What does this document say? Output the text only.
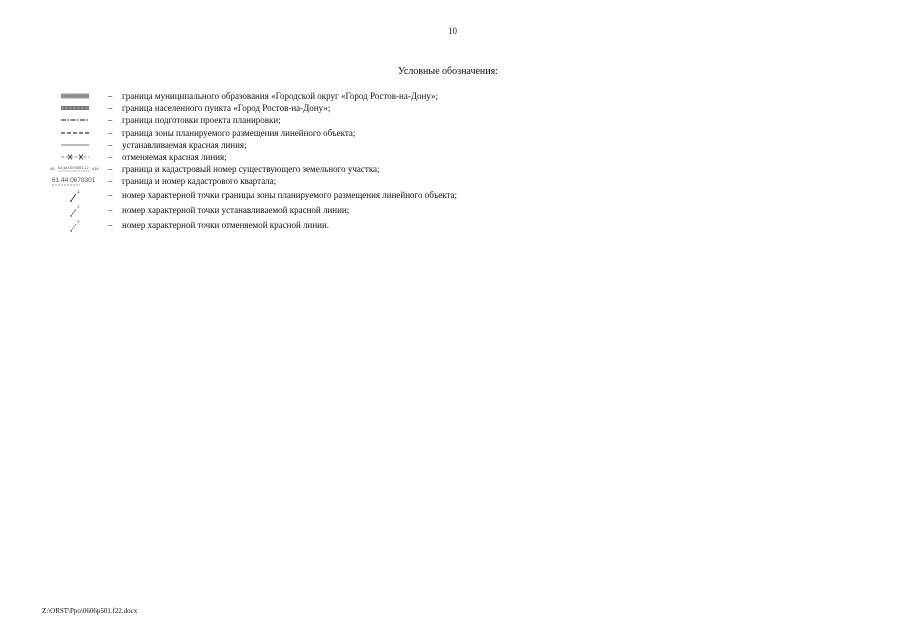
10
Условные обозначения:
–	граница муниципального образования «Городской округ «Город Ростов-на-Дону»;
–	граница населенного пункта «Город Ростов-на-Дону»;
–	граница подготовки проекта планировки;
–	граница зоны планируемого размещения линейного объекта;
–	устанавливаемая красная линия;
–	отменяемая красная линия;
45 61:44:0070301:12 416	–	граница и кадастровый номер существующего земельного участка;
61:44:0670301	–	граница и номер кадастрового квартала;
1	–	номер характерной точки границы зоны планируемого размещения линейного объекта;
2	–	номер характерной точки устанавливаемой красной линии;
3	–	номер характерной точки отменяемой красной линии.
Z:\ORST\Ppo\0606p501.f22.docx
